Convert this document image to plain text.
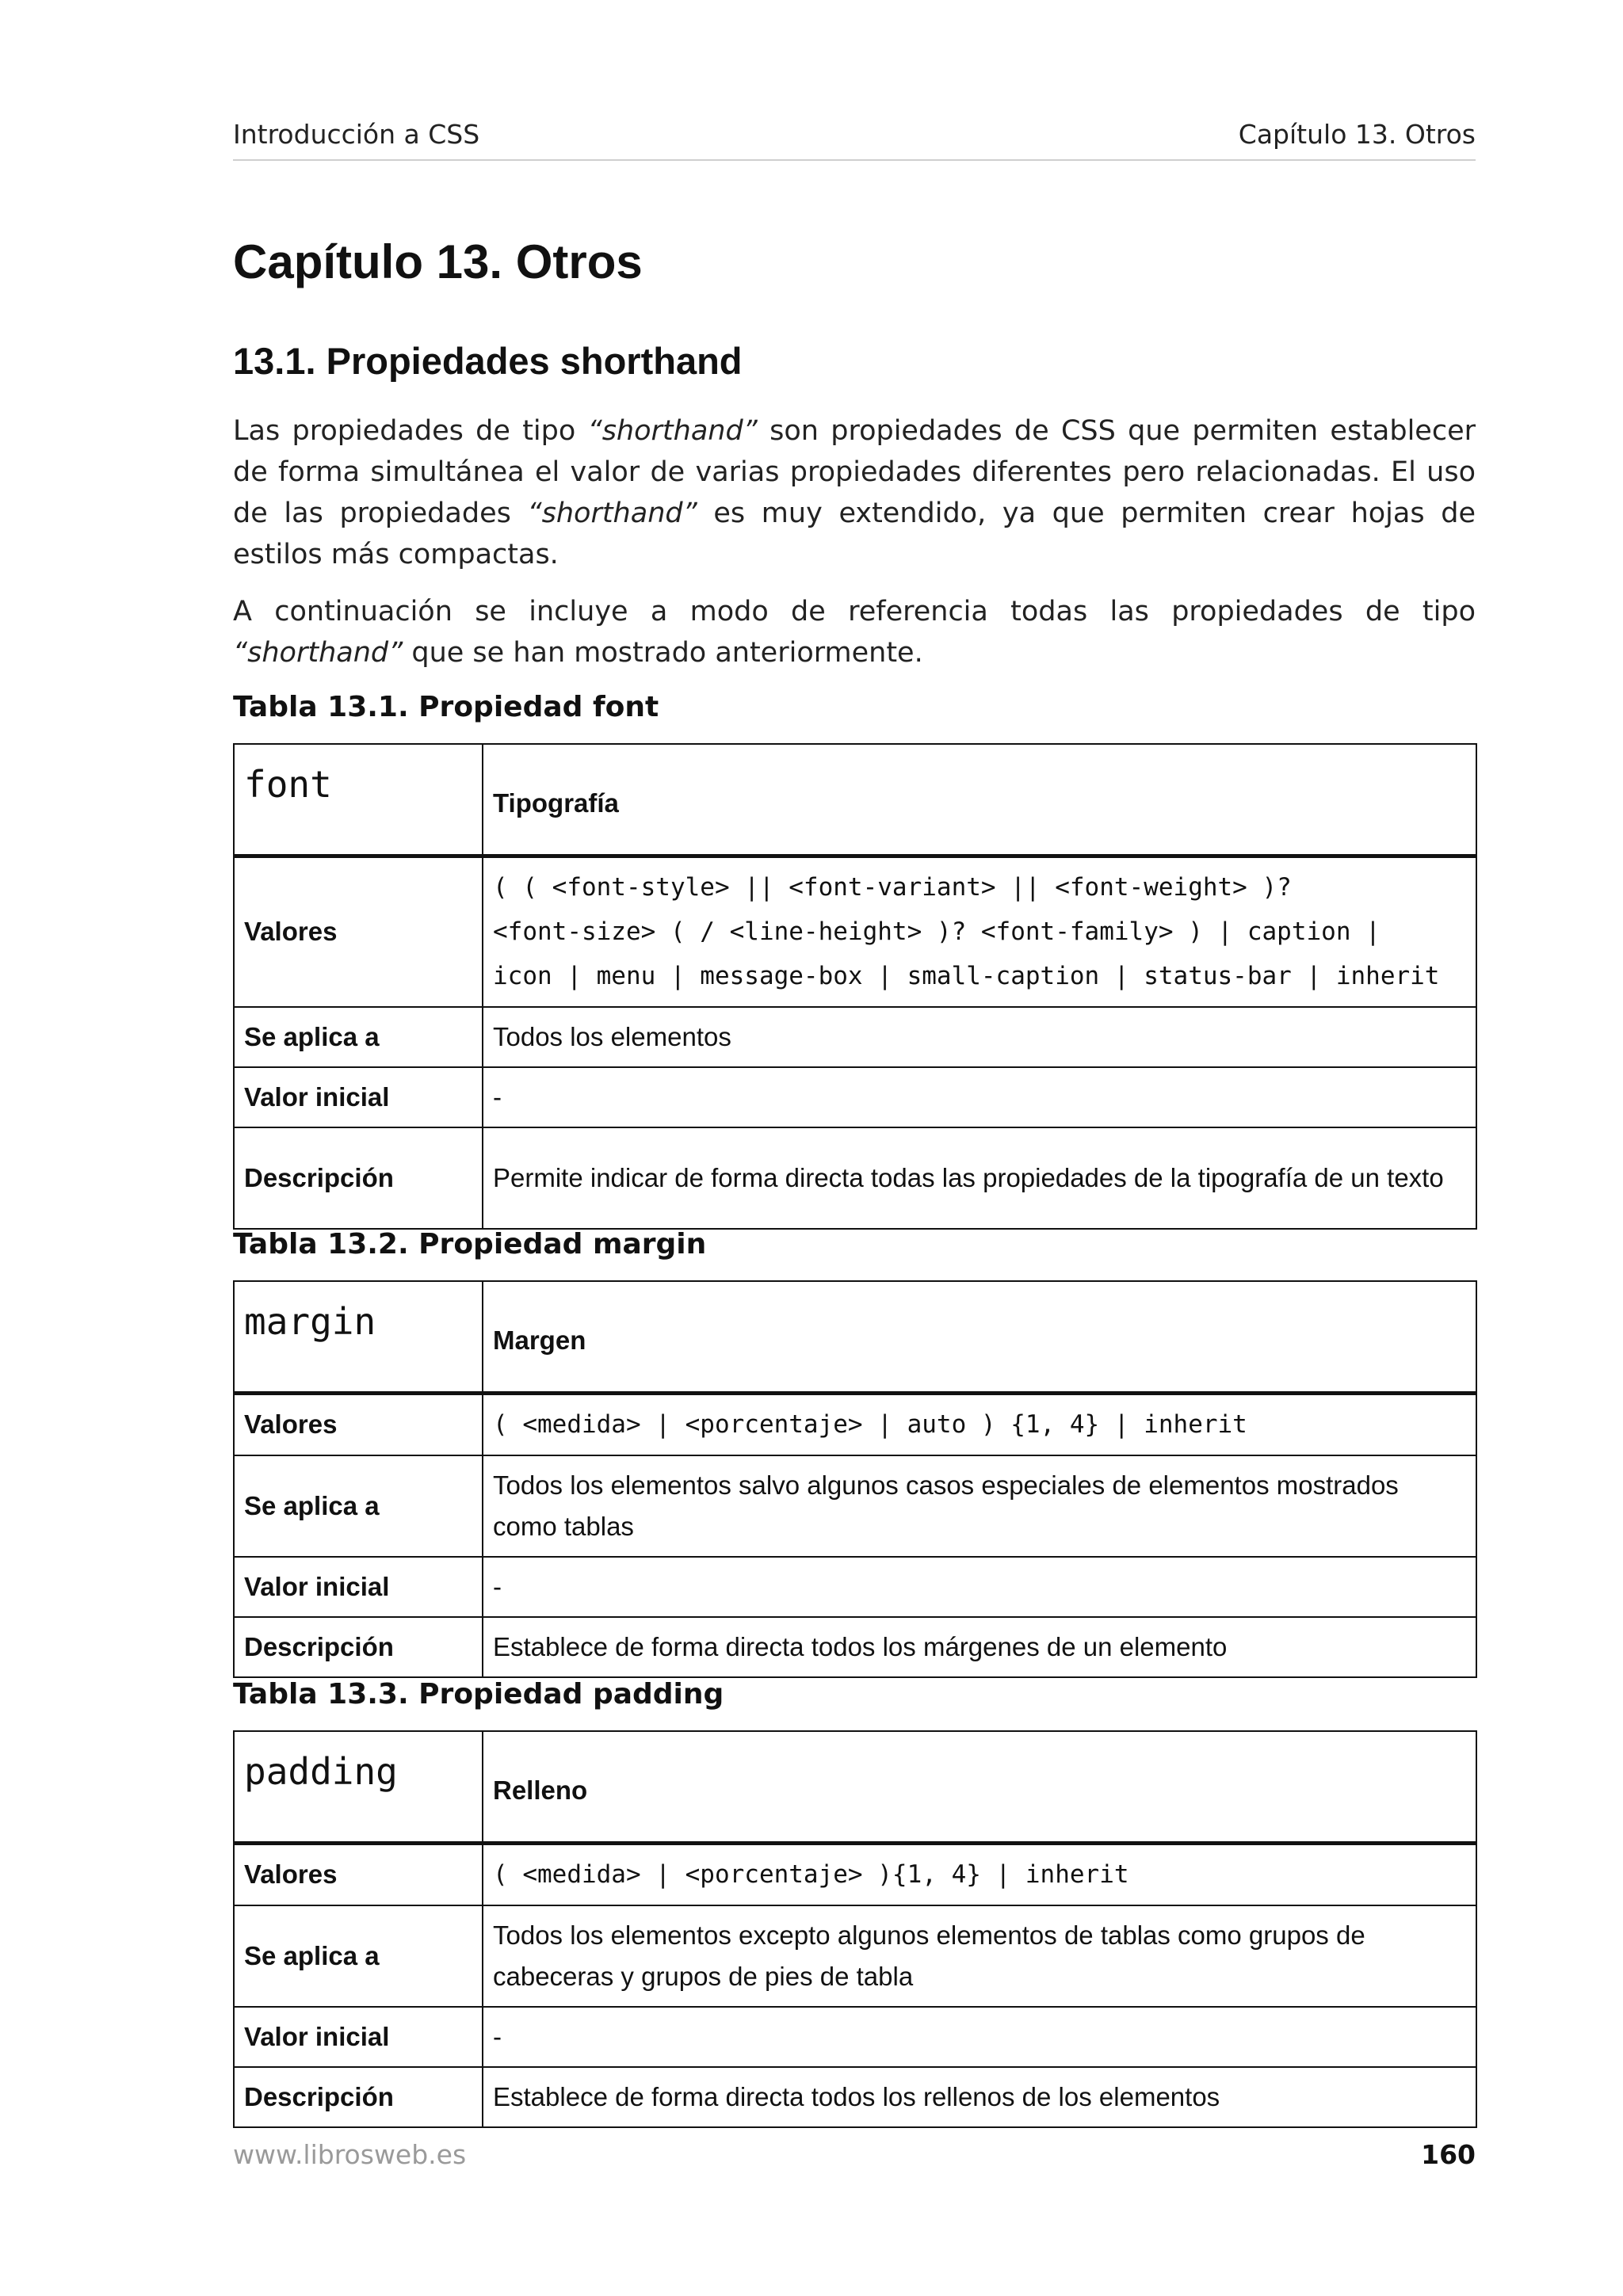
Introducción a CSS	Capítulo 13. Otros
Capítulo 13. Otros
13.1. Propiedades shorthand

Las propiedades de tipo “shorthand” son propiedades de CSS que permiten establecer de forma simultánea el valor de varias propiedades diferentes pero relacionadas. El uso de las propiedades “shorthand” es muy extendido, ya que permiten crear hojas de estilos más compactas.

A continuación se incluye a modo de referencia todas las propiedades de tipo “shorthand” que se han mostrado anteriormente.

Tabla 13.1. Propiedad font
font	Tipografía
Valores	( ( <font-style> || <font-variant> || <font-weight> )?
<font-size> ( / <line-height> )? <font-family> ) | caption |
icon | menu | message-box | small-caption | status-bar | inherit

Se aplica a	Todos los elementos
Valor inicial	-
Descripción	Permite indicar de forma directa todas las propiedades de la tipografía de un texto
Tabla 13.2. Propiedad margin
margin	Margen
Valores	( <medida> | <porcentaje> | auto ) {1, 4} | inherit
Se aplica a	Todos los elementos salvo algunos casos especiales de elementos mostrados como tablas
Valor inicial	-
Descripción	Establece de forma directa todos los márgenes de un elemento
Tabla 13.3. Propiedad padding
padding	Relleno
Valores	( <medida> | <porcentaje> ){1, 4} | inherit
Se aplica a	Todos los elementos excepto algunos elementos de tablas como grupos de cabeceras y grupos de pies de tabla
Valor inicial	-
Descripción	Establece de forma directa todos los rellenos de los elementos
www.librosweb.es	160
